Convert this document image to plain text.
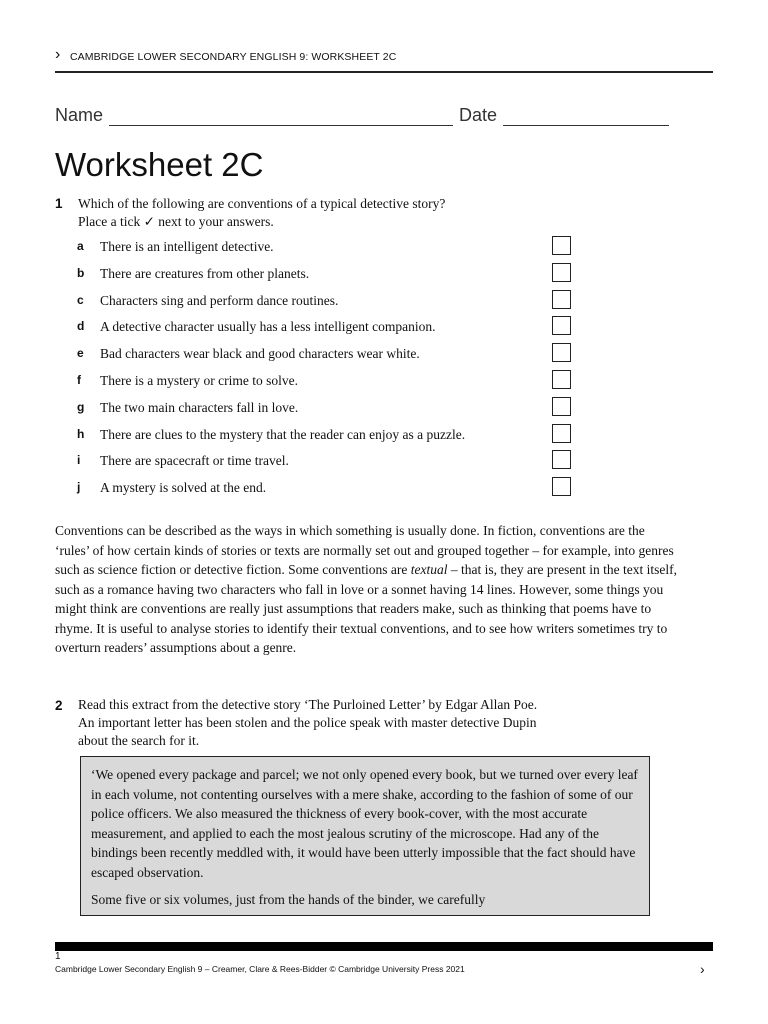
› CAMBRIDGE LOWER SECONDARY ENGLISH 9: WORKSHEET 2C
Name	Date
Worksheet 2C
1 Which of the following are conventions of a typical detective story?
Place a tick ✓ next to your answers.
a	There is an intelligent detective.
b	There are creatures from other planets.
c	Characters sing and perform dance routines.
d	A detective character usually has a less intelligent companion.
e	Bad characters wear black and good characters wear white.
f	There is a mystery or crime to solve.
g	The two main characters fall in love.
h	There are clues to the mystery that the reader can enjoy as a puzzle.
i	There are spacecraft or time travel.
j	A mystery is solved at the end.
Conventions can be described as the ways in which something is usually done. In fiction, conventions are the ‘rules’ of how certain kinds of stories or texts are normally set out and grouped together – for example, into genres such as science fiction or detective fiction. Some conventions are textual – that is, they are present in the text itself, such as a romance having two characters who fall in love or a sonnet having 14 lines. However, some things you might think are conventions are really just assumptions that readers make, such as thinking that poems have to rhyme. It is useful to analyse stories to identify their textual conventions, and to see how writers sometimes try to overturn readers’ assumptions about a genre.
2 Read this extract from the detective story ‘The Purloined Letter’ by Edgar Allan Poe.
An important letter has been stolen and the police speak with master detective Dupin
about the search for it.

‘We opened every package and parcel; we not only opened every book, but we turned over every leaf in each volume, not contenting ourselves with a mere shake, according to the fashion of some of our police officers. We also measured the thickness of every book-cover, with the most accurate measurement, and applied to each the most jealous scrutiny of the microscope. Had any of the bindings been recently meddled with, it would have been utterly impossible that the fact should have escaped observation.

Some five or six volumes, just from the hands of the binder, we carefully

1
Cambridge Lower Secondary English 9 – Creamer, Clare & Rees-Bidder © Cambridge University Press 2021	›
